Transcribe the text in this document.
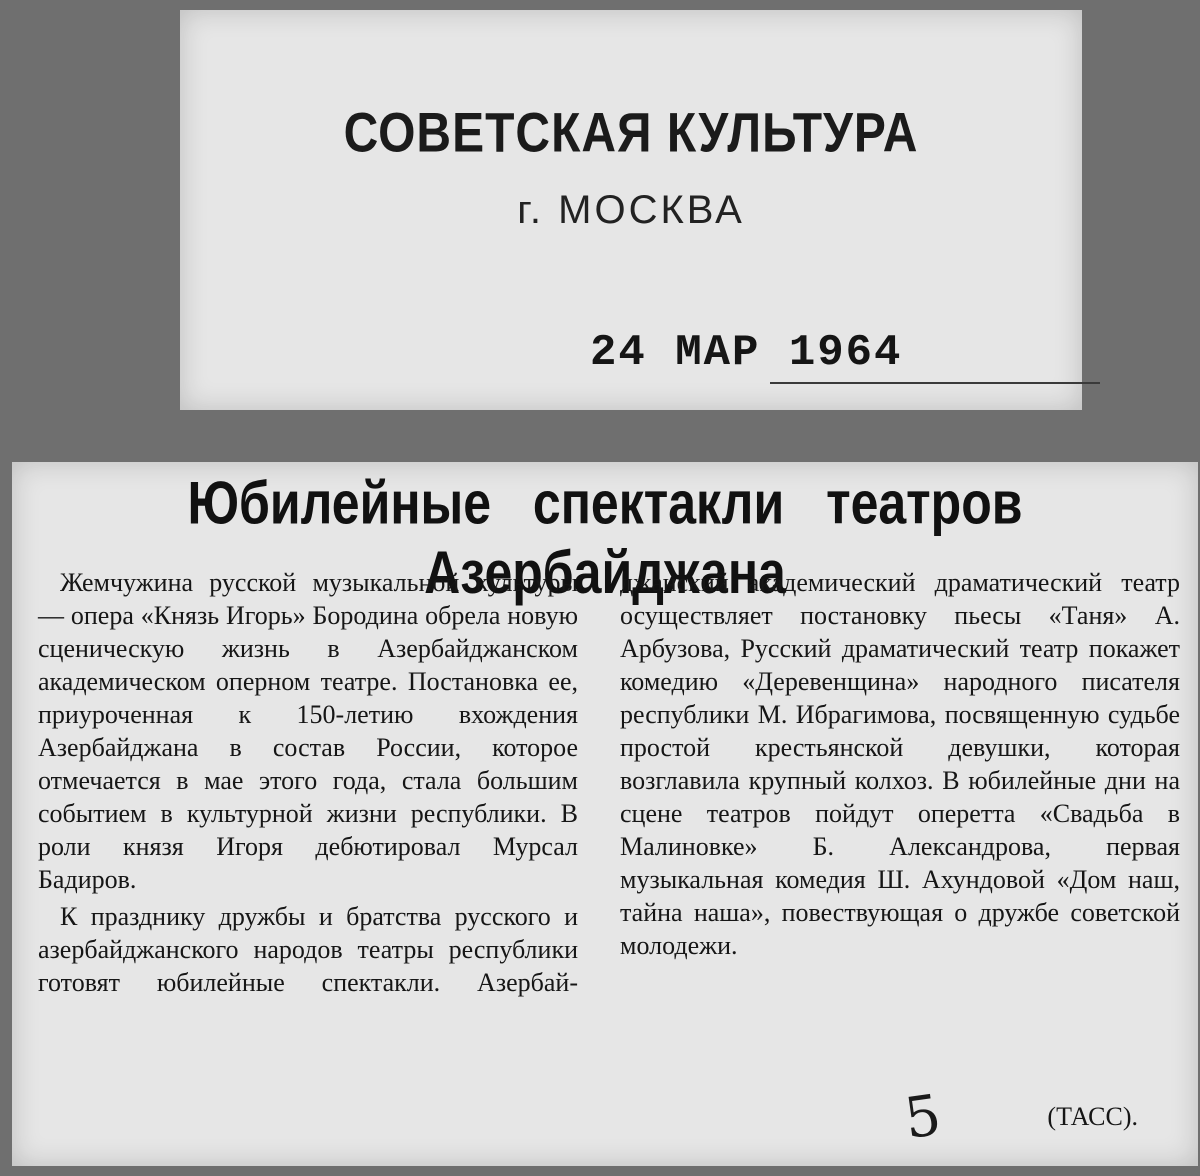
СОВЕТСКАЯ КУЛЬТУРА
г. МОСКВА
24 МАР 1964
Юбилейные спектакли театров Азербайджана

Жемчужина русской музыкальной культуры — опера «Князь Игорь» Бородина обрела новую сценическую жизнь в Азербайджанском академическом оперном театре. Постановка ее, приуроченная к 150-летию вхождения Азербайджана в состав России, которое отмечается в мае этого года, стала большим событием в культурной жизни республики. В роли князя Игоря дебютировал Мурсал Бадиров.

К празднику дружбы и братства русского и азербайджанского народов театры республики готовят юбилейные спектакли. Азербай-

джанский академический драматический театр осуществляет постановку пьесы «Таня» А. Арбузова, Русский драматический театр покажет комедию «Деревенщина» народного писателя республики М. Ибрагимова, посвященную судьбе простой крестьянской девушки, которая возглавила крупный колхоз. В юбилейные дни на сцене театров пойдут оперетта «Свадьба в Малиновке» Б. Александрова, первая музыкальная комедия Ш. Ахундовой «Дом наш, тайна наша», повествующая о дружбе советской молодежи.

5	(ТАСС).
